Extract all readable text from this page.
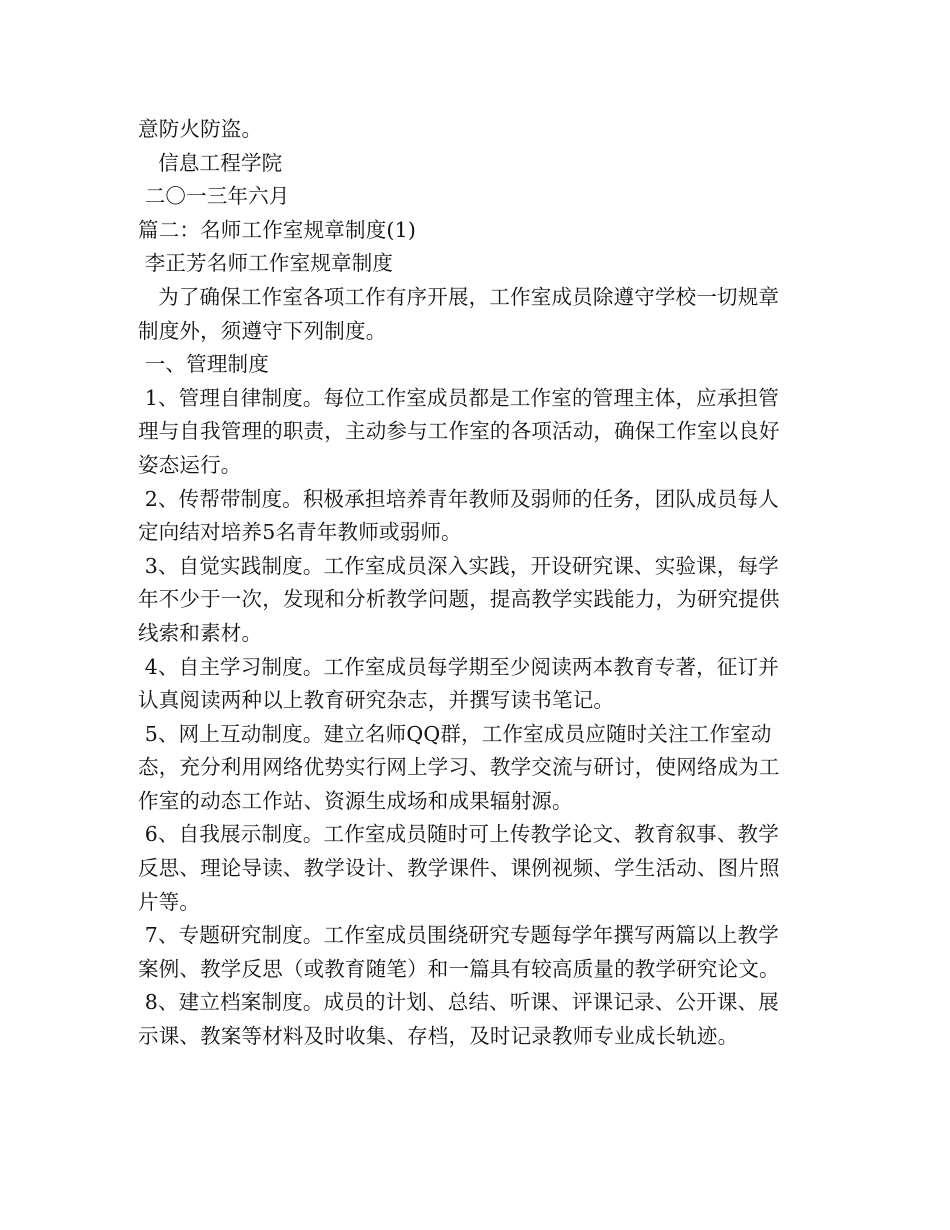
意防火防盗。
信息工程学院
二〇一三年六月
篇二：名师工作室规章制度(1)
李正芳名师工作室规章制度
为了确保工作室各项工作有序开展，工作室成员除遵守学校一切规章
制度外，须遵守下列制度。
一、管理制度
1、管理自律制度。每位工作室成员都是工作室的管理主体，应承担管
理与自我管理的职责，主动参与工作室的各项活动，确保工作室以良好
姿态运行。
2、传帮带制度。积极承担培养青年教师及弱师的任务，团队成员每人
定向结对培养5名青年教师或弱师。
3、自觉实践制度。工作室成员深入实践，开设研究课、实验课，每学
年不少于一次，发现和分析教学问题，提高教学实践能力，为研究提供
线索和素材。
4、自主学习制度。工作室成员每学期至少阅读两本教育专著，征订并
认真阅读两种以上教育研究杂志，并撰写读书笔记。
5、网上互动制度。建立名师QQ群，工作室成员应随时关注工作室动
态，充分利用网络优势实行网上学习、教学交流与研讨，使网络成为工
作室的动态工作站、资源生成场和成果辐射源。
6、自我展示制度。工作室成员随时可上传教学论文、教育叙事、教学
反思、理论导读、教学设计、教学课件、课例视频、学生活动、图片照
片等。
7、专题研究制度。工作室成员围绕研究专题每学年撰写两篇以上教学
案例、教学反思（或教育随笔）和一篇具有较高质量的教学研究论文。
8、建立档案制度。成员的计划、总结、听课、评课记录、公开课、展
示课、教案等材料及时收集、存档，及时记录教师专业成长轨迹。
